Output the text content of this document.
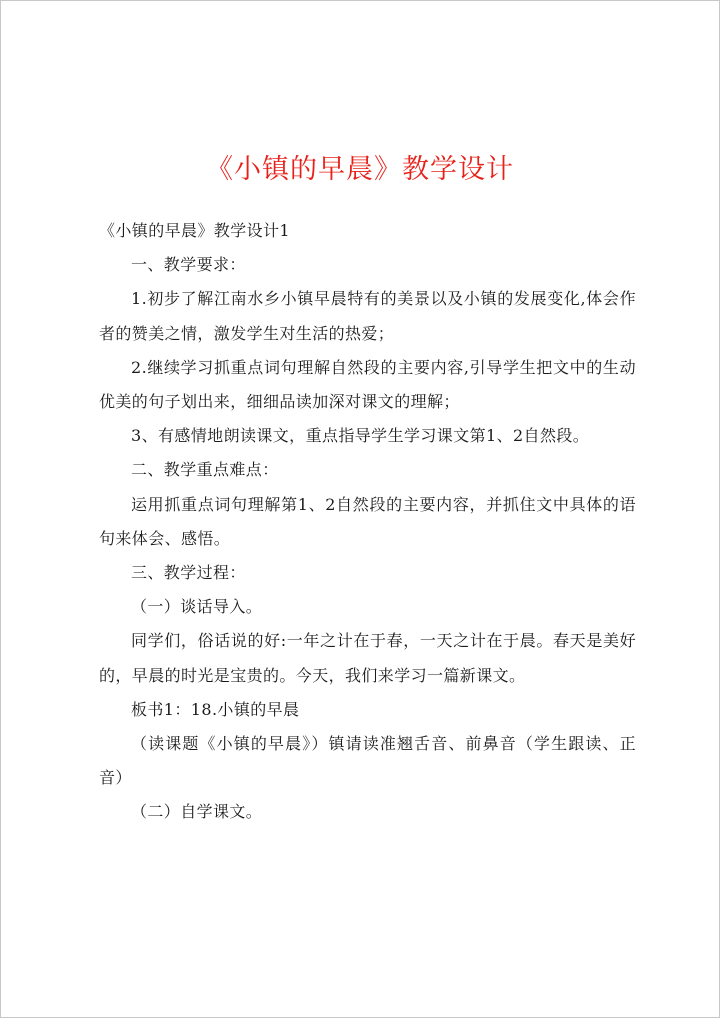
《小镇的早晨》教学设计

《小镇的早晨》教学设计1

一、教学要求：

1.初步了解江南水乡小镇早晨特有的美景以及小镇的发展变化,体会作者的赞美之情，激发学生对生活的热爱；

2.继续学习抓重点词句理解自然段的主要内容,引导学生把文中的生动优美的句子划出来，细细品读加深对课文的理解；

3、有感情地朗读课文，重点指导学生学习课文第1、2自然段。

二、教学重点难点：

运用抓重点词句理解第1、2自然段的主要内容，并抓住文中具体的语句来体会、感悟。

三、教学过程：

（一）谈话导入。

同学们，俗话说的好:一年之计在于春，一天之计在于晨。春天是美好的，早晨的时光是宝贵的。今天，我们来学习一篇新课文。

板书1：18.小镇的早晨

（读课题《小镇的早晨》）镇请读准翘舌音、前鼻音（学生跟读、正音）

（二）自学课文。
